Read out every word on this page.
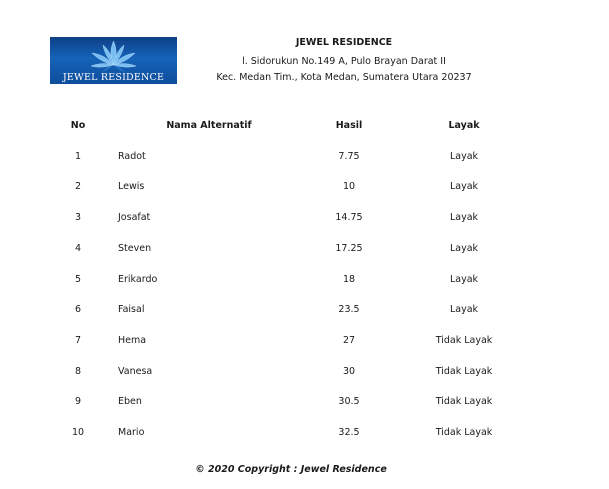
JEWEL RESIDENCE
JEWEL RESIDENCE
l. Sidorukun No.149 A, Pulo Brayan Darat II
Kec. Medan Tim., Kota Medan, Sumatera Utara 20237
No	Nama Alternatif	Hasil	Layak
1	Radot	7.75	Layak
2	Lewis	10	Layak
3	Josafat	14.75	Layak
4	Steven	17.25	Layak
5	Erikardo	18	Layak
6	Faisal	23.5	Layak
7	Hema	27	Tidak Layak
8	Vanesa	30	Tidak Layak
9	Eben	30.5	Tidak Layak
10	Mario	32.5	Tidak Layak
© 2020 Copyright : Jewel Residence
